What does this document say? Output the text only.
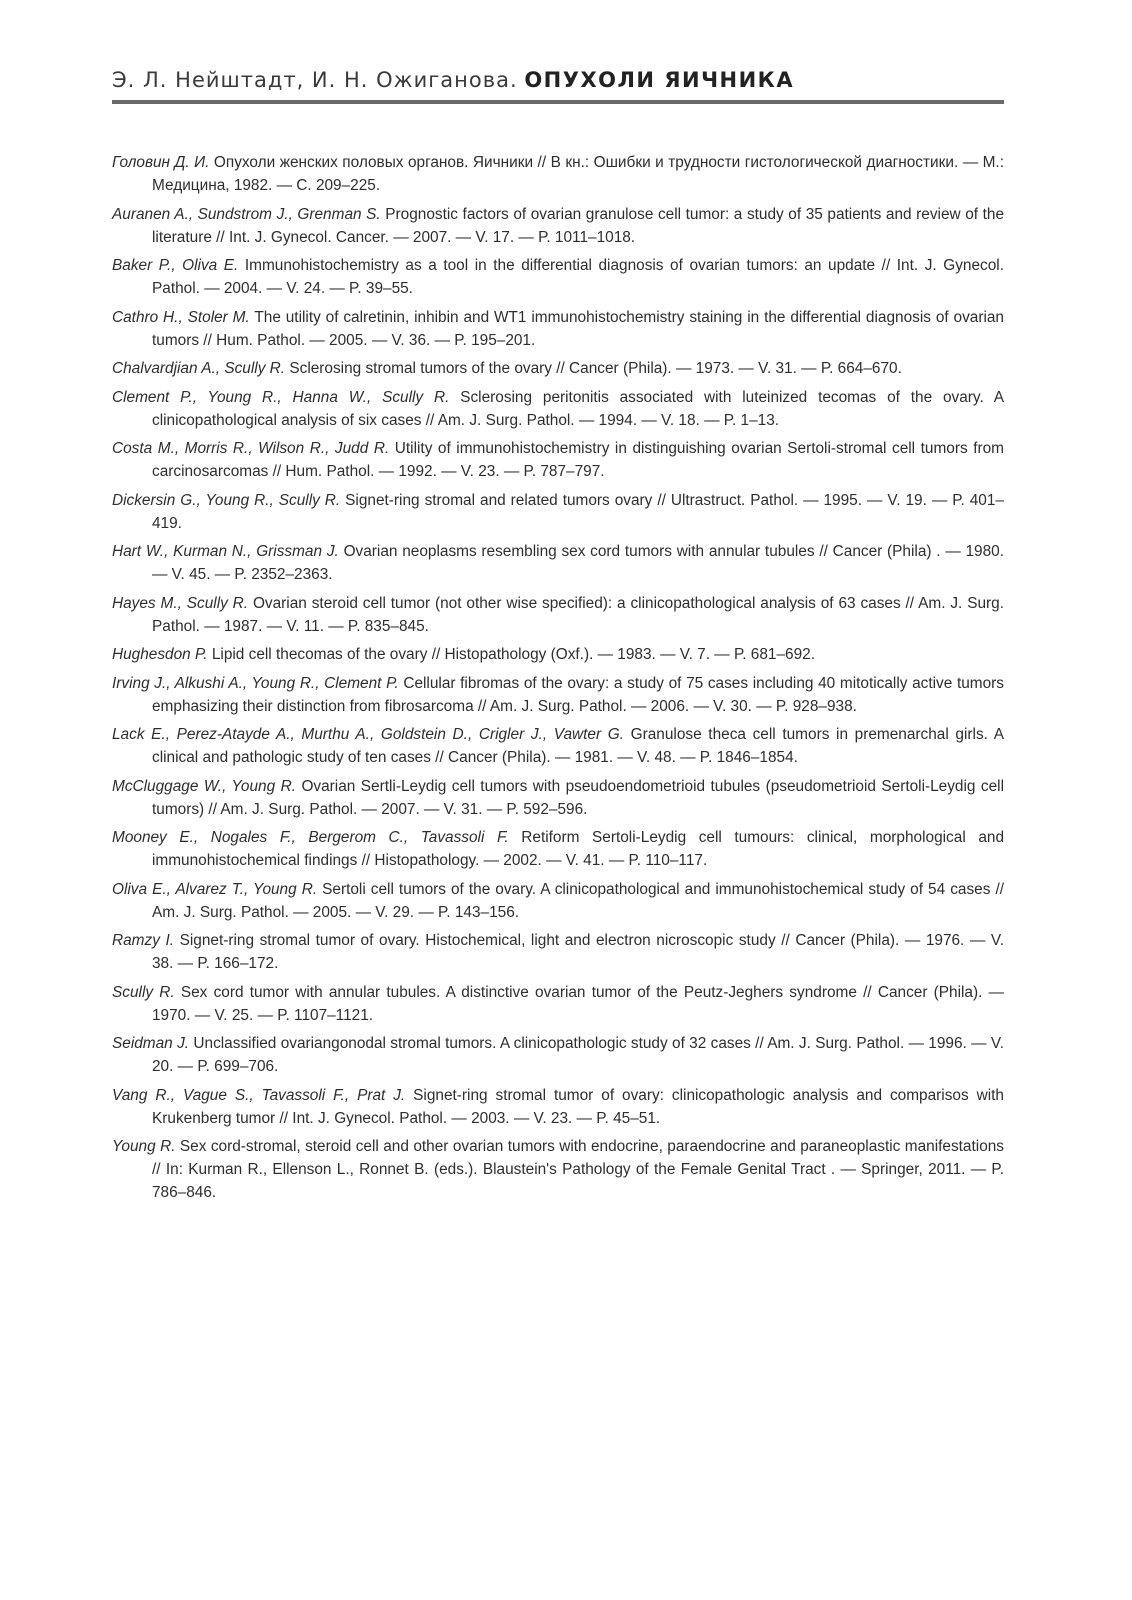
Э. Л. Нейштадт, И. Н. Ожиганова. ОПУХОЛИ ЯИЧНИКА
Головин Д. И. Опухоли женских половых органов. Яичники // В кн.: Ошибки и трудности гистологической диагностики. — М.: Медицина, 1982. — С. 209–225.
Auranen A., Sundstrom J., Grenman S. Prognostic factors of ovarian granulose cell tumor: a study of 35 patients and review of the literature // Int. J. Gynecol. Cancer. — 2007. — V. 17. — P. 1011–1018.
Baker P., Oliva E. Immunohistochemistry as a tool in the differential diagnosis of ovarian tumors: an update // Int. J. Gynecol. Pathol. — 2004. — V. 24. — P. 39–55.
Cathro H., Stoler M. The utility of calretinin, inhibin and WT1 immunohistochemistry staining in the differential diagnosis of ovarian tumors // Hum. Pathol. — 2005. — V. 36. — P. 195–201.
Chalvardjian A., Scully R. Sclerosing stromal tumors of the ovary // Cancer (Phila). — 1973. — V. 31. — P. 664–670.
Clement P., Young R., Hanna W., Scully R. Sclerosing peritonitis associated with luteinized tecomas of the ovary. A clinicopathological analysis of six cases // Am. J. Surg. Pathol. — 1994. — V. 18. — P. 1–13.
Costa M., Morris R., Wilson R., Judd R. Utility of immunohistochemistry in distinguishing ovarian Sertoli-stromal cell tumors from carcinosarcomas // Hum. Pathol. — 1992. — V. 23. — P. 787–797.
Dickersin G., Young R., Scully R. Signet-ring stromal and related tumors ovary // Ultrastruct. Pathol. — 1995. — V. 19. — P. 401–419.
Hart W., Kurman N., Grissman J. Ovarian neoplasms resembling sex cord tumors with annular tubules // Cancer (Phila) . — 1980. — V. 45. — P. 2352–2363.
Hayes M., Scully R. Ovarian steroid cell tumor (not other wise specified): a clinicopathological analysis of 63 cases // Am. J. Surg. Pathol. — 1987. — V. 11. — P. 835–845.
Hughesdon P. Lipid cell thecomas of the ovary // Histopathology (Oxf.). — 1983. — V. 7. — P. 681–692.
Irving J., Alkushi A., Young R., Clement P. Cellular fibromas of the ovary: a study of 75 cases including 40 mitotically active tumors emphasizing their distinction from fibrosarcoma // Am. J. Surg. Pathol. — 2006. — V. 30. — P. 928–938.
Lack E., Perez-Atayde A., Murthu A., Goldstein D., Crigler J., Vawter G. Granulose theca cell tumors in premenarchal girls. A clinical and pathologic study of ten cases // Cancer (Phila). — 1981. — V. 48. — P. 1846–1854.
McCluggage W., Young R. Ovarian Sertli-Leydig cell tumors with pseudoendometrioid tubules (pseudometrioid Sertoli-Leydig cell tumors) // Am. J. Surg. Pathol. — 2007. — V. 31. — P. 592–596.
Mooney E., Nogales F., Bergerom C., Tavassoli F. Retiform Sertoli-Leydig cell tumours: clinical, morphological and immunohistochemical findings // Histopathology. — 2002. — V. 41. — P. 110–117.
Oliva E., Alvarez T., Young R. Sertoli cell tumors of the ovary. A clinicopathological and immunohistochemical study of 54 cases // Am. J. Surg. Pathol. — 2005. — V. 29. — P. 143–156.
Ramzy I. Signet-ring stromal tumor of ovary. Histochemical, light and electron nicroscopic study // Cancer (Phila). — 1976. — V. 38. — P. 166–172.
Scully R. Sex cord tumor with annular tubules. A distinctive ovarian tumor of the Peutz-Jeghers syndrome // Cancer (Phila). — 1970. — V. 25. — P. 1107–1121.
Seidman J. Unclassified ovariangonodal stromal tumors. A clinicopathologic study of 32 cases // Am. J. Surg. Pathol. — 1996. — V. 20. — P. 699–706.
Vang R., Vague S., Tavassoli F., Prat J. Signet-ring stromal tumor of ovary: clinicopathologic analysis and comparisos with Krukenberg tumor // Int. J. Gynecol. Pathol. — 2003. — V. 23. — P. 45–51.
Young R. Sex cord-stromal, steroid cell and other ovarian tumors with endocrine, paraendocrine and paraneoplastic manifestations // In: Kurman R., Ellenson L., Ronnet B. (eds.). Blaustein's Pathology of the Female Genital Tract . — Springer, 2011. — P. 786–846.
